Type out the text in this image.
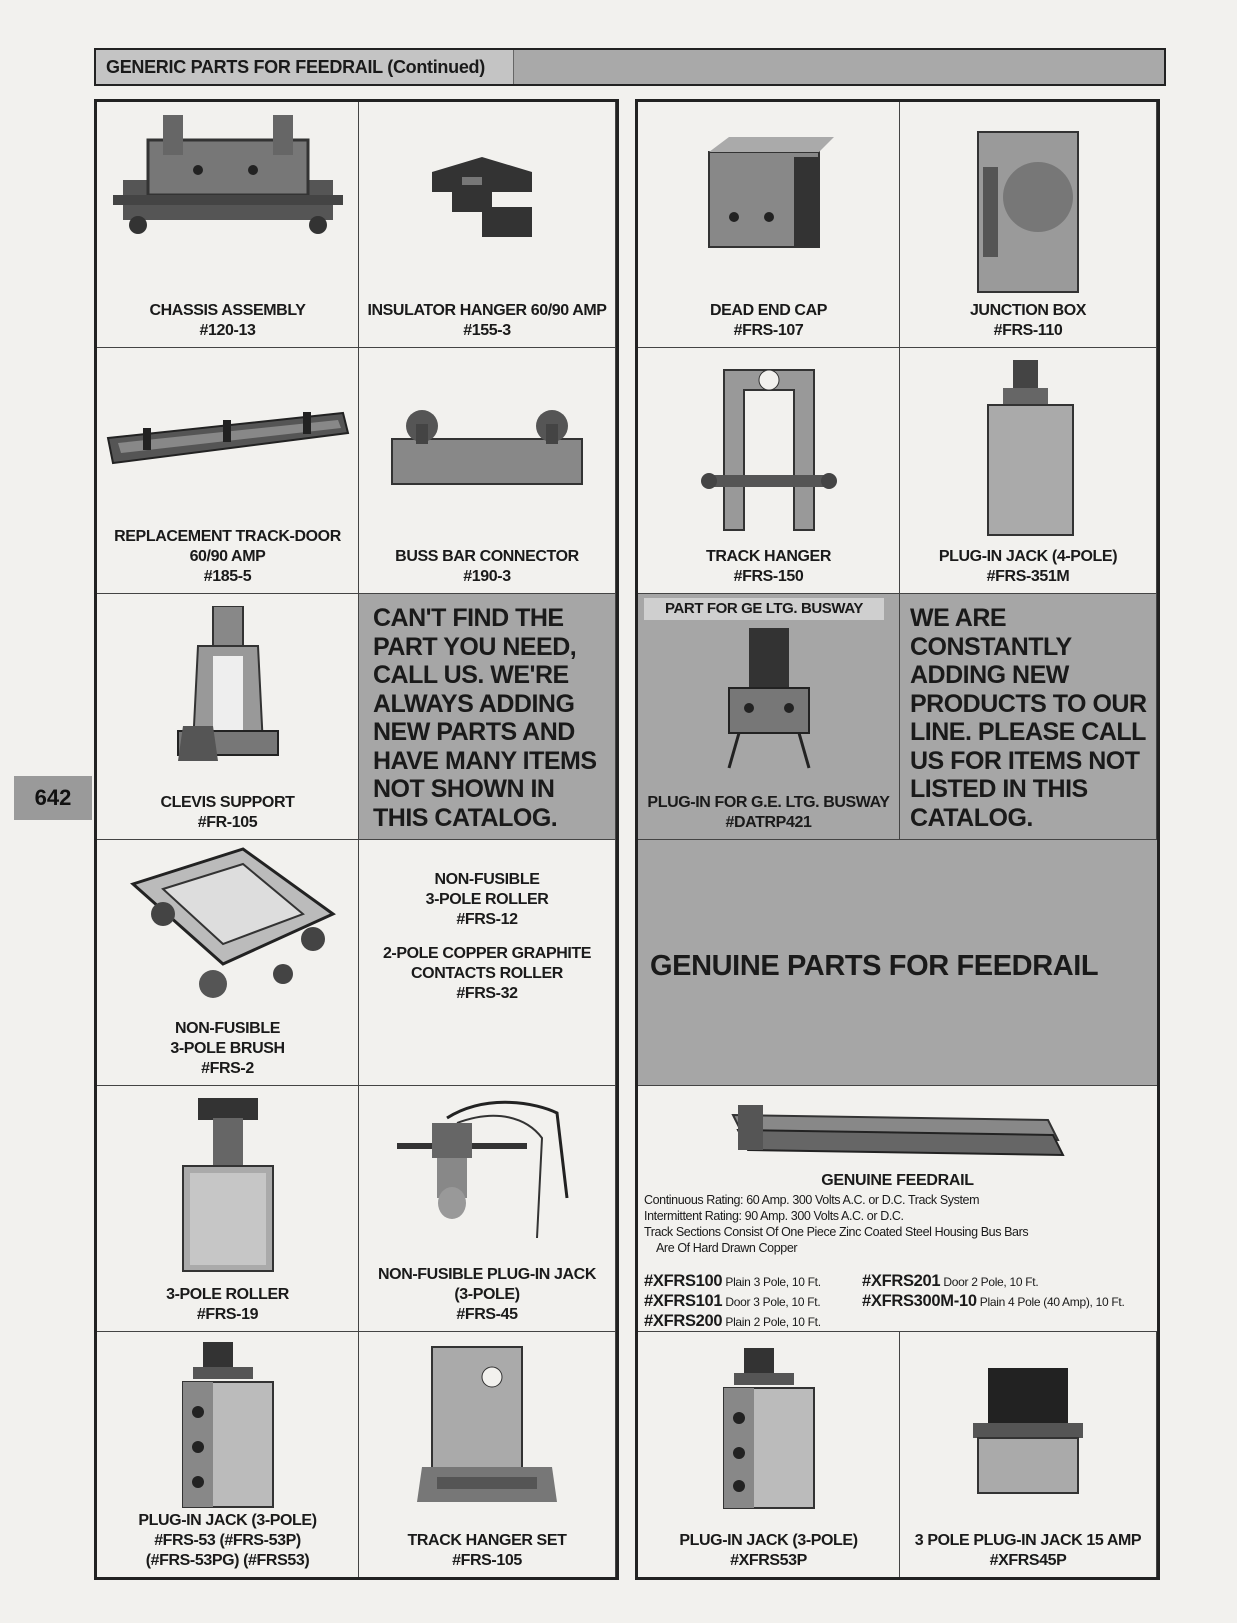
GENERIC PARTS FOR FEEDRAIL (Continued)
642
CHASSIS ASSEMBLY
#120-13
INSULATOR HANGER 60/90 AMP
#155-3
REPLACEMENT TRACK-DOOR
60/90 AMP
#185-5
BUSS BAR CONNECTOR
#190-3
CLEVIS SUPPORT
#FR-105
CAN'T FIND THE
PART YOU NEED,
CALL US. WE'RE
ALWAYS ADDING
NEW PARTS AND
HAVE MANY ITEMS
NOT SHOWN IN
THIS CATALOG.
NON-FUSIBLE
3-POLE BRUSH
#FRS-2
NON-FUSIBLE
3-POLE ROLLER
#FRS-12
2-POLE COPPER GRAPHITE
CONTACTS ROLLER
#FRS-32
3-POLE ROLLER
#FRS-19
NON-FUSIBLE PLUG-IN JACK
(3-POLE)
#FRS-45
PLUG-IN JACK (3-POLE)
#FRS-53 (#FRS-53P)
(#FRS-53PG) (#FRS53)
TRACK HANGER SET
#FRS-105
DEAD END CAP
#FRS-107
JUNCTION BOX
#FRS-110
TRACK HANGER
#FRS-150
PLUG-IN JACK (4-POLE)
#FRS-351M
PART FOR GE LTG. BUSWAY
PLUG-IN FOR G.E. LTG. BUSWAY
#DATRP421
WE ARE
CONSTANTLY
ADDING NEW
PRODUCTS TO OUR
LINE. PLEASE CALL
US FOR ITEMS NOT
LISTED IN THIS
CATALOG.
GENUINE PARTS FOR FEEDRAIL
GENUINE FEEDRAIL
Continuous Rating: 60 Amp. 300 Volts A.C. or D.C. Track System
Intermittent Rating: 90 Amp. 300 Volts A.C. or D.C.
Track Sections Consist Of One Piece Zinc Coated Steel Housing Bus Bars
Are Of Hard Drawn Copper
#XFRS100 Plain 3 Pole, 10 Ft.
#XFRS101 Door 3 Pole, 10 Ft.
#XFRS200 Plain 2 Pole, 10 Ft.
#XFRS201 Door 2 Pole, 10 Ft.
#XFRS300M-10 Plain 4 Pole (40 Amp), 10 Ft.
PLUG-IN JACK (3-POLE)
#XFRS53P
3 POLE PLUG-IN JACK 15 AMP
#XFRS45P
